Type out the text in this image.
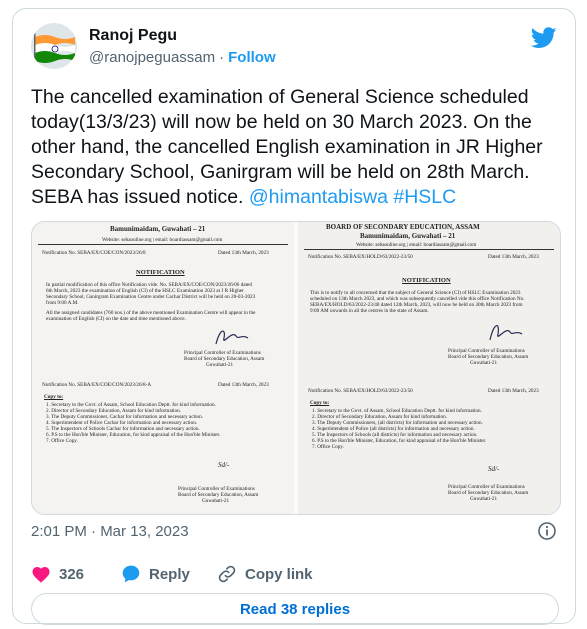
Ranoj Pegu
@ranojpeguassam · Follow
The cancelled examination of General Science scheduled today(13/3/23) will now be held on 30 March 2023. On the other hand, the cancelled English examination in JR Higher Secondary School, Ganirgram will be held on 28th March. SEBA has issued notice. @himantabiswa #HSLC
Bamunimaidam, Guwahati – 21
Website: sebaonline.org | email: boardiassam@gmail.com
Notification No. SEBA/EX/COE/CON/2023/26/8	Dated 13th March, 2023
NOTIFICATION
In partial modification of this office Notification vide. No. SEBA/EX/COE/CON/2023/26/06 dated
6th March, 2023 the examination of English (CI) of the HSLC Examination 2023 at J R Higher
Secondary School, Ganirgram Examination Centre under Cachar District will be held on 28-03-2023
from 9:00 A.M.
All the assigned candidates (760 nos.) of the above mentioned Examination Centre will appear in the
examination of English (CI) on the date and time mentioned above.
Principal Controller of Examinations
Board of Secondary Education, Assam
Guwahati-21
Notification No. SEBA/EX/COE/CON/2023/26/8-A	Dated 13th March, 2023
Copy to:
1. Secretary to the Govt. of Assam, School Education Deptt. for kind information.
2. Director of Secondary Education, Assam for kind information.
3. The Deputy Commissioner, Cachar for information and necessary action.
4. Superintendent of Police Cachar for information and necessary action.
5. The Inspectors of Schools Cachar for information and necessary action.
6. P.S to the Hon'ble Minister, Education, for kind appraisal of the Hon'ble Minister.
7. Office Copy.
Sd/-
Principal Controller of Examinations
Board of Secondary Education, Assam
Guwahati-21
BOARD OF SECONDARY EDUCATION, ASSAM
Bamunimaidam, Guwahati – 21
Website: sebaonline.org | email: boardiassam@gmail.com
Notification No. SEBA/EX/HOLD/63/2022-23/50	Dated 13th March, 2023
NOTIFICATION
This is to notify to all concerned that the subject of General Science (CI) of HSLC Examination 2023
scheduled on 13th March 2023, and which was subsequently cancelled vide this office Notification No.
SEBA/EX/HOLD/63/2022-23/48 dated 12th March, 2023, will now be held on 30th March 2023 from
9:00 AM onwards in all the centres in the state of Assam.
Principal Controller of Examinations
Board of Secondary Education, Assam
Guwahati-21
Notification No. SEBA/EX/HOLD/63/2022-23/50	Dated 13th March, 2023
Copy to:
1. Secretary to the Govt. of Assam, School Education Deptt. for kind information.
2. Director of Secondary Education, Assam for kind information.
3. The Deputy Commissioners, (all districts) for information and necessary action.
4. Superintendent of Police (all districts) for information and necessary action.
5. The Inspectors of Schools (all districts) for information and necessary action.
6. P.S to the Hon'ble Minister, Education, for kind appraisal of the Hon'ble Minister.
7. Office Copy.
Sd/-
Principal Controller of Examinations
Board of Secondary Education, Assam
Guwahati-21
2:01 PM · Mar 13, 2023
326	Reply	Copy link
Read 38 replies
